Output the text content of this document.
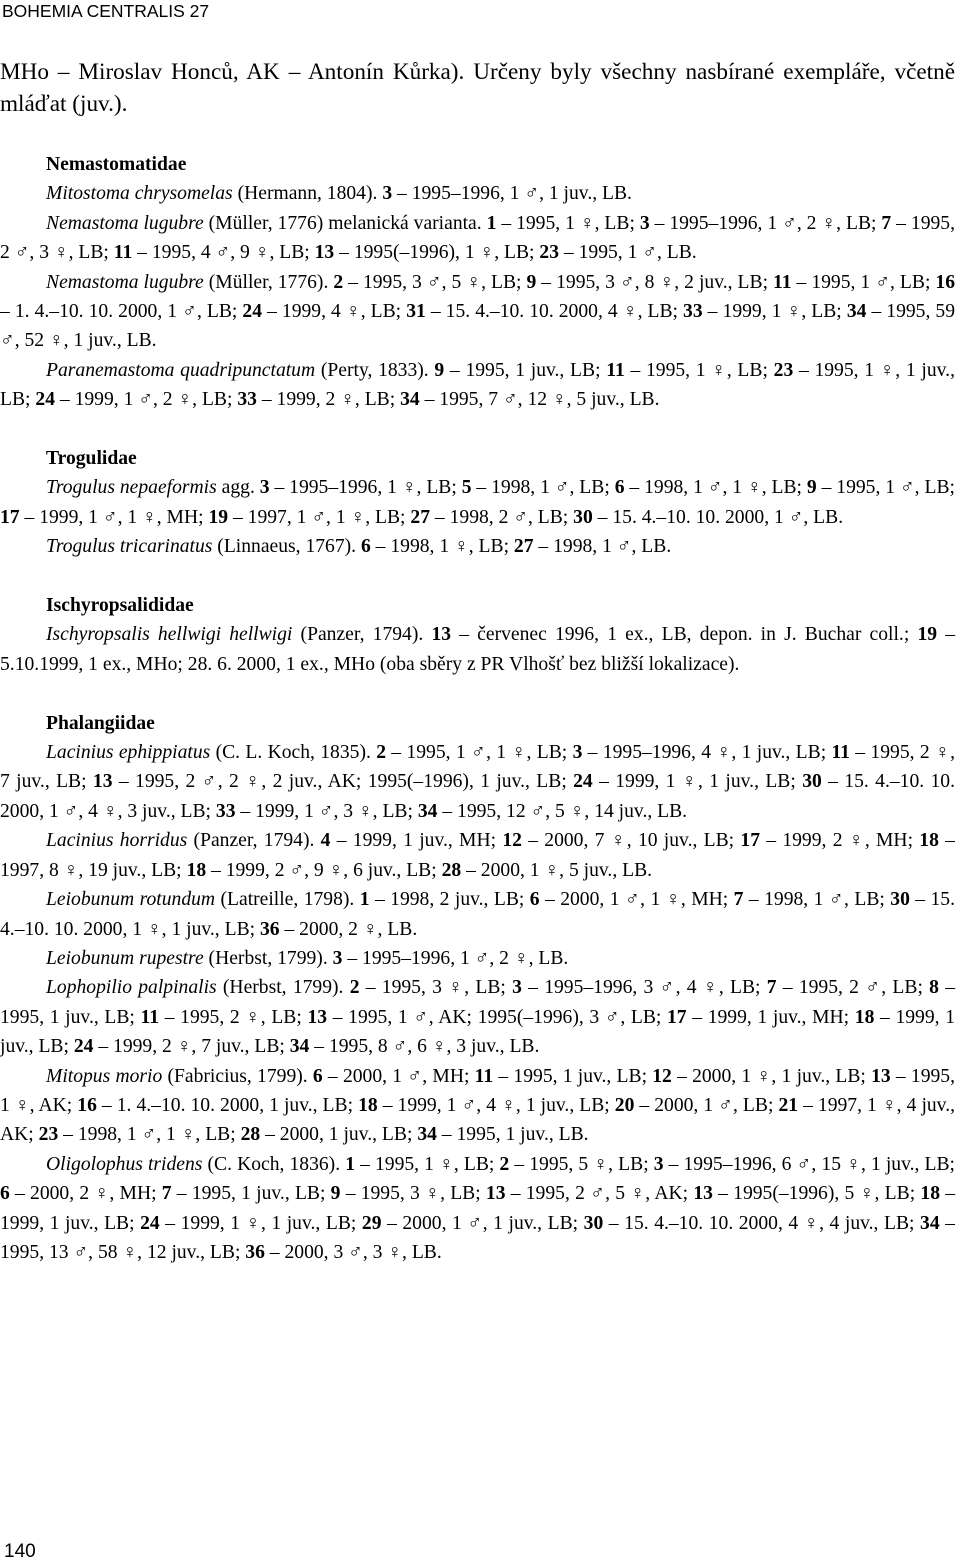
BOHEMIA CENTRALIS 27
MHo – Miroslav Honců, AK – Antonín Kůrka). Určeny byly všechny nasbírané exempláře, včetně mláďat (juv.).
Nemastomatidae

Mitostoma chrysomelas (Hermann, 1804). 3 – 1995–1996, 1 ♂, 1 juv., LB.

Nemastoma lugubre (Müller, 1776) melanická varianta. 1 – 1995, 1 ♀, LB; 3 – 1995–1996, 1 ♂, 2 ♀, LB; 7 – 1995, 2 ♂, 3 ♀, LB; 11 – 1995, 4 ♂, 9 ♀, LB; 13 – 1995(–1996), 1 ♀, LB; 23 – 1995, 1 ♂, LB.

Nemastoma lugubre (Müller, 1776). 2 – 1995, 3 ♂, 5 ♀, LB; 9 – 1995, 3 ♂, 8 ♀, 2 juv., LB; 11 – 1995, 1 ♂, LB; 16 – 1. 4.–10. 10. 2000, 1 ♂, LB; 24 – 1999, 4 ♀, LB; 31 – 15. 4.–10. 10. 2000, 4 ♀, LB; 33 – 1999, 1 ♀, LB; 34 – 1995, 59 ♂, 52 ♀, 1 juv., LB.

Paranemastoma quadripunctatum (Perty, 1833). 9 – 1995, 1 juv., LB; 11 – 1995, 1 ♀, LB; 23 – 1995, 1 ♀, 1 juv., LB; 24 – 1999, 1 ♂, 2 ♀, LB; 33 – 1999, 2 ♀, LB; 34 – 1995, 7 ♂, 12 ♀, 5 juv., LB.

Trogulidae

Trogulus nepaeformis agg. 3 – 1995–1996, 1 ♀, LB; 5 – 1998, 1 ♂, LB; 6 – 1998, 1 ♂, 1 ♀, LB; 9 – 1995, 1 ♂, LB; 17 – 1999, 1 ♂, 1 ♀, MH; 19 – 1997, 1 ♂, 1 ♀, LB; 27 – 1998, 2 ♂, LB; 30 – 15. 4.–10. 10. 2000, 1 ♂, LB.

Trogulus tricarinatus (Linnaeus, 1767). 6 – 1998, 1 ♀, LB; 27 – 1998, 1 ♂, LB.

Ischyropsalididae

Ischyropsalis hellwigi hellwigi (Panzer, 1794). 13 – červenec 1996, 1 ex., LB, depon. in J. Buchar coll.; 19 – 5.10.1999, 1 ex., MHo; 28. 6. 2000, 1 ex., MHo (oba sběry z PR Vlhošť bez bližší lokalizace).

Phalangiidae

Lacinius ephippiatus (C. L. Koch, 1835). 2 – 1995, 1 ♂, 1 ♀, LB; 3 – 1995–1996, 4 ♀, 1 juv., LB; 11 – 1995, 2 ♀, 7 juv., LB; 13 – 1995, 2 ♂, 2 ♀, 2 juv., AK; 1995(–1996), 1 juv., LB; 24 – 1999, 1 ♀, 1 juv., LB; 30 – 15. 4.–10. 10. 2000, 1 ♂, 4 ♀, 3 juv., LB; 33 – 1999, 1 ♂, 3 ♀, LB; 34 – 1995, 12 ♂, 5 ♀, 14 juv., LB.

Lacinius horridus (Panzer, 1794). 4 – 1999, 1 juv., MH; 12 – 2000, 7 ♀, 10 juv., LB; 17 – 1999, 2 ♀, MH; 18 – 1997, 8 ♀, 19 juv., LB; 18 – 1999, 2 ♂, 9 ♀, 6 juv., LB; 28 – 2000, 1 ♀, 5 juv., LB.

Leiobunum rotundum (Latreille, 1798). 1 – 1998, 2 juv., LB; 6 – 2000, 1 ♂, 1 ♀, MH; 7 – 1998, 1 ♂, LB; 30 – 15. 4.–10. 10. 2000, 1 ♀, 1 juv., LB; 36 – 2000, 2 ♀, LB.

Leiobunum rupestre (Herbst, 1799). 3 – 1995–1996, 1 ♂, 2 ♀, LB.

Lophopilio palpinalis (Herbst, 1799). 2 – 1995, 3 ♀, LB; 3 – 1995–1996, 3 ♂, 4 ♀, LB; 7 – 1995, 2 ♂, LB; 8 – 1995, 1 juv., LB; 11 – 1995, 2 ♀, LB; 13 – 1995, 1 ♂, AK; 1995(–1996), 3 ♂, LB; 17 – 1999, 1 juv., MH; 18 – 1999, 1 juv., LB; 24 – 1999, 2 ♀, 7 juv., LB; 34 – 1995, 8 ♂, 6 ♀, 3 juv., LB.

Mitopus morio (Fabricius, 1799). 6 – 2000, 1 ♂, MH; 11 – 1995, 1 juv., LB; 12 – 2000, 1 ♀, 1 juv., LB; 13 – 1995, 1 ♀, AK; 16 – 1. 4.–10. 10. 2000, 1 juv., LB; 18 – 1999, 1 ♂, 4 ♀, 1 juv., LB; 20 – 2000, 1 ♂, LB; 21 – 1997, 1 ♀, 4 juv., AK; 23 – 1998, 1 ♂, 1 ♀, LB; 28 – 2000, 1 juv., LB; 34 – 1995, 1 juv., LB.

Oligolophus tridens (C. Koch, 1836). 1 – 1995, 1 ♀, LB; 2 – 1995, 5 ♀, LB; 3 – 1995–1996, 6 ♂, 15 ♀, 1 juv., LB; 6 – 2000, 2 ♀, MH; 7 – 1995, 1 juv., LB; 9 – 1995, 3 ♀, LB; 13 – 1995, 2 ♂, 5 ♀, AK; 13 – 1995(–1996), 5 ♀, LB; 18 – 1999, 1 juv., LB; 24 – 1999, 1 ♀, 1 juv., LB; 29 – 2000, 1 ♂, 1 juv., LB; 30 – 15. 4.–10. 10. 2000, 4 ♀, 4 juv., LB; 34 – 1995, 13 ♂, 58 ♀, 12 juv., LB; 36 – 2000, 3 ♂, 3 ♀, LB.

140
